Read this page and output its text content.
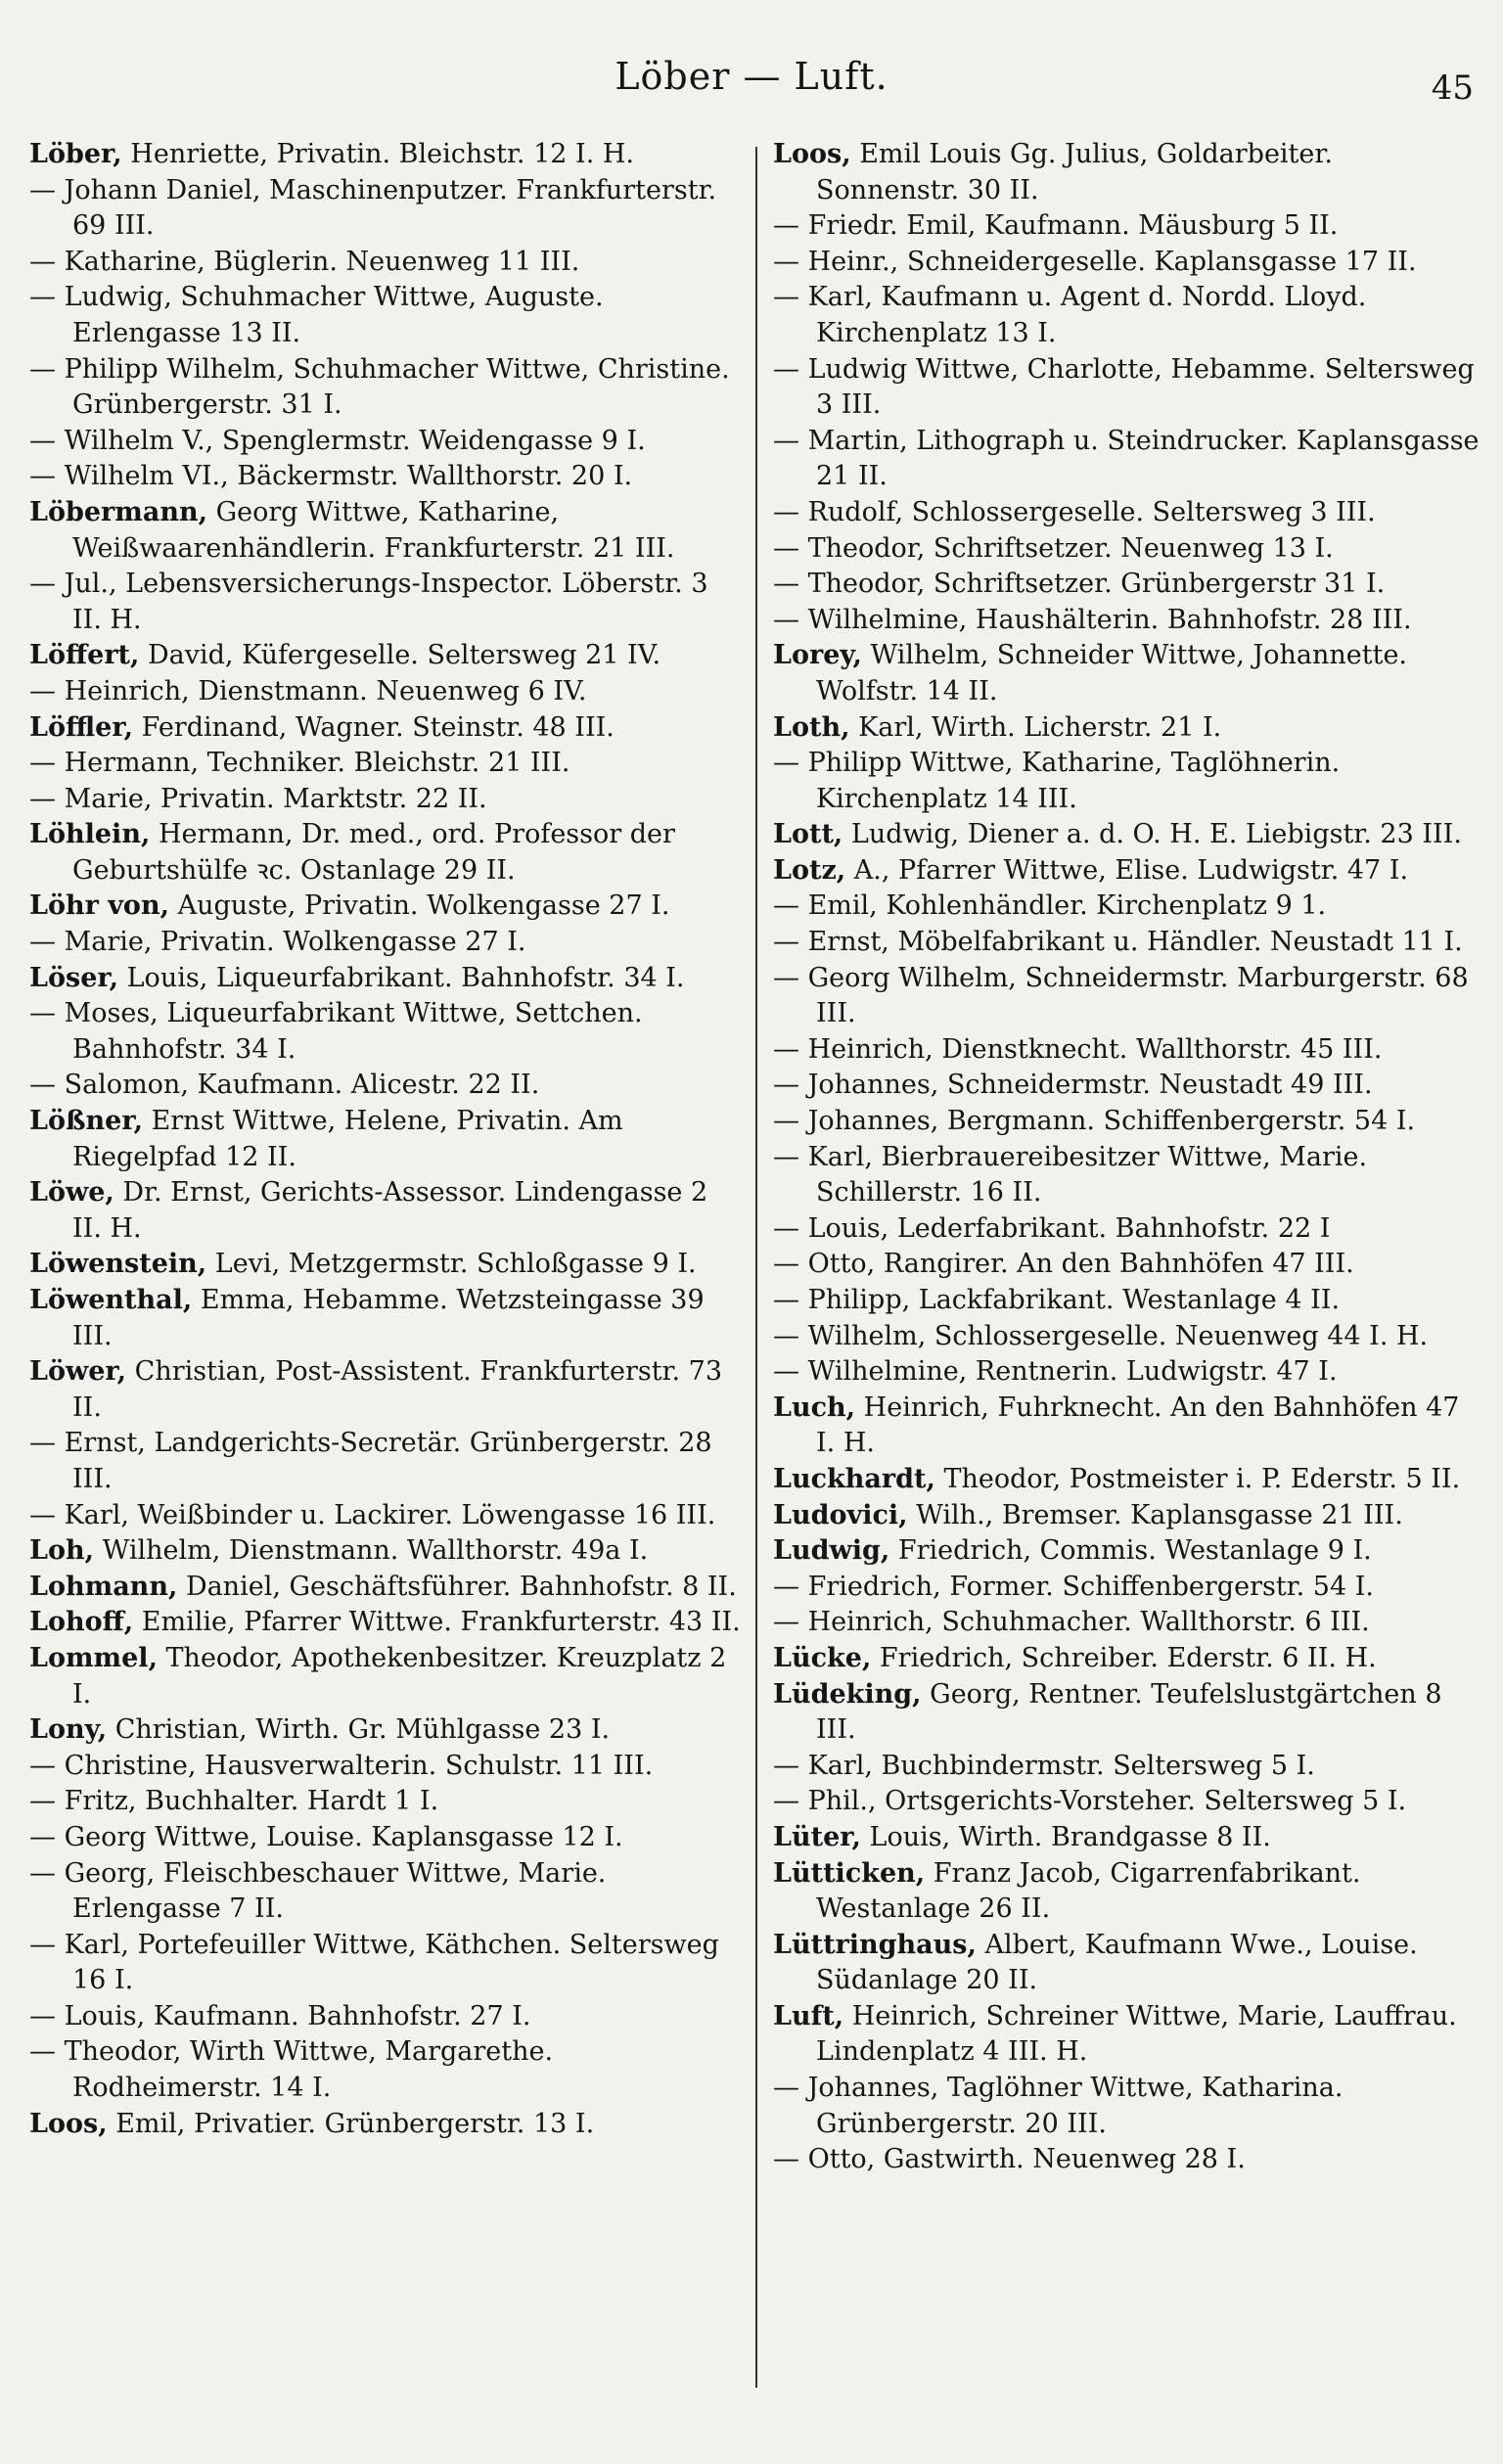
Löber — Luft.	45

Löber, Henriette, Privatin. Bleichstr. 12 I. H.

— Johann Daniel, Maschinenputzer. Frankfurterstr. 69 III.

— Katharine, Büglerin. Neuenweg 11 III.

— Ludwig, Schuhmacher Wittwe, Auguste. Erlengasse 13 II.

— Philipp Wilhelm, Schuhmacher Wittwe, Christine. Grünbergerstr. 31 I.

— Wilhelm V., Spenglermstr. Weidengasse 9 I.

— Wilhelm VI., Bäckermstr. Wallthorstr. 20 I.

Löbermann, Georg Wittwe, Katharine, Weißwaarenhändlerin. Frankfurterstr. 21 III.

— Jul., Lebensversicherungs-Inspector. Löberstr. 3 II. H.

Löffert, David, Küfergeselle. Seltersweg 21 IV.

— Heinrich, Dienstmann. Neuenweg 6 IV.

Löffler, Ferdinand, Wagner. Steinstr. 48 III.

— Hermann, Techniker. Bleichstr. 21 III.

— Marie, Privatin. Marktstr. 22 II.

Löhlein, Hermann, Dr. med., ord. Professor der Geburtshülfe ꝛc. Ostanlage 29 II.

Löhr von, Auguste, Privatin. Wolkengasse 27 I.

— Marie, Privatin. Wolkengasse 27 I.

Löser, Louis, Liqueurfabrikant. Bahnhofstr. 34 I.

— Moses, Liqueurfabrikant Wittwe, Settchen. Bahnhofstr. 34 I.

— Salomon, Kaufmann. Alicestr. 22 II.

Lößner, Ernst Wittwe, Helene, Privatin. Am Riegelpfad 12 II.

Löwe, Dr. Ernst, Gerichts-Assessor. Lindengasse 2 II. H.

Löwenstein, Levi, Metzgermstr. Schloßgasse 9 I.

Löwenthal, Emma, Hebamme. Wetzsteingasse 39 III.

Löwer, Christian, Post-Assistent. Frankfurterstr. 73 II.

— Ernst, Landgerichts-Secretär. Grünbergerstr. 28 III.

— Karl, Weißbinder u. Lackirer. Löwengasse 16 III.

Loh, Wilhelm, Dienstmann. Wallthorstr. 49a I.

Lohmann, Daniel, Geschäftsführer. Bahnhofstr. 8 II.

Lohoff, Emilie, Pfarrer Wittwe. Frankfurterstr. 43 II.

Lommel, Theodor, Apothekenbesitzer. Kreuzplatz 2 I.

Lony, Christian, Wirth. Gr. Mühlgasse 23 I.

— Christine, Hausverwalterin. Schulstr. 11 III.

— Fritz, Buchhalter. Hardt 1 I.

— Georg Wittwe, Louise. Kaplansgasse 12 I.

— Georg, Fleischbeschauer Wittwe, Marie. Erlengasse 7 II.

— Karl, Portefeuiller Wittwe, Käthchen. Seltersweg 16 I.

— Louis, Kaufmann. Bahnhofstr. 27 I.

— Theodor, Wirth Wittwe, Margarethe. Rodheimerstr. 14 I.

Loos, Emil, Privatier. Grünbergerstr. 13 I.

Loos, Emil Louis Gg. Julius, Goldarbeiter. Sonnenstr. 30 II.

— Friedr. Emil, Kaufmann. Mäusburg 5 II.

— Heinr., Schneidergeselle. Kaplansgasse 17 II.

— Karl, Kaufmann u. Agent d. Nordd. Lloyd. Kirchenplatz 13 I.

— Ludwig Wittwe, Charlotte, Hebamme. Seltersweg 3 III.

— Martin, Lithograph u. Steindrucker. Kaplansgasse 21 II.

— Rudolf, Schlossergeselle. Seltersweg 3 III.

— Theodor, Schriftsetzer. Neuenweg 13 I.

— Theodor, Schriftsetzer. Grünbergerstr 31 I.

— Wilhelmine, Haushälterin. Bahnhofstr. 28 III.

Lorey, Wilhelm, Schneider Wittwe, Johannette. Wolfstr. 14 II.

Loth, Karl, Wirth. Licherstr. 21 I.

— Philipp Wittwe, Katharine, Taglöhnerin. Kirchenplatz 14 III.

Lott, Ludwig, Diener a. d. O. H. E. Liebigstr. 23 III.

Lotz, A., Pfarrer Wittwe, Elise. Ludwigstr. 47 I.

— Emil, Kohlenhändler. Kirchenplatz 9 1.

— Ernst, Möbelfabrikant u. Händler. Neustadt 11 I.

— Georg Wilhelm, Schneidermstr. Marburgerstr. 68 III.

— Heinrich, Dienstknecht. Wallthorstr. 45 III.

— Johannes, Schneidermstr. Neustadt 49 III.

— Johannes, Bergmann. Schiffenbergerstr. 54 I.

— Karl, Bierbrauereibesitzer Wittwe, Marie. Schillerstr. 16 II.

— Louis, Lederfabrikant. Bahnhofstr. 22 I

— Otto, Rangirer. An den Bahnhöfen 47 III.

— Philipp, Lackfabrikant. Westanlage 4 II.

— Wilhelm, Schlossergeselle. Neuenweg 44 I. H.

— Wilhelmine, Rentnerin. Ludwigstr. 47 I.

Luch, Heinrich, Fuhrknecht. An den Bahnhöfen 47 I. H.

Luckhardt, Theodor, Postmeister i. P. Ederstr. 5 II.

Ludovici, Wilh., Bremser. Kaplansgasse 21 III.

Ludwig, Friedrich, Commis. Westanlage 9 I.

— Friedrich, Former. Schiffenbergerstr. 54 I.

— Heinrich, Schuhmacher. Wallthorstr. 6 III.

Lücke, Friedrich, Schreiber. Ederstr. 6 II. H.

Lüdeking, Georg, Rentner. Teufelslustgärtchen 8 III.

— Karl, Buchbindermstr. Seltersweg 5 I.

— Phil., Ortsgerichts-Vorsteher. Seltersweg 5 I.

Lüter, Louis, Wirth. Brandgasse 8 II.

Lütticken, Franz Jacob, Cigarrenfabrikant. Westanlage 26 II.

Lüttringhaus, Albert, Kaufmann Wwe., Louise. Südanlage 20 II.

Luft, Heinrich, Schreiner Wittwe, Marie, Lauffrau. Lindenplatz 4 III. H.

— Johannes, Taglöhner Wittwe, Katharina. Grünbergerstr. 20 III.

— Otto, Gastwirth. Neuenweg 28 I.
